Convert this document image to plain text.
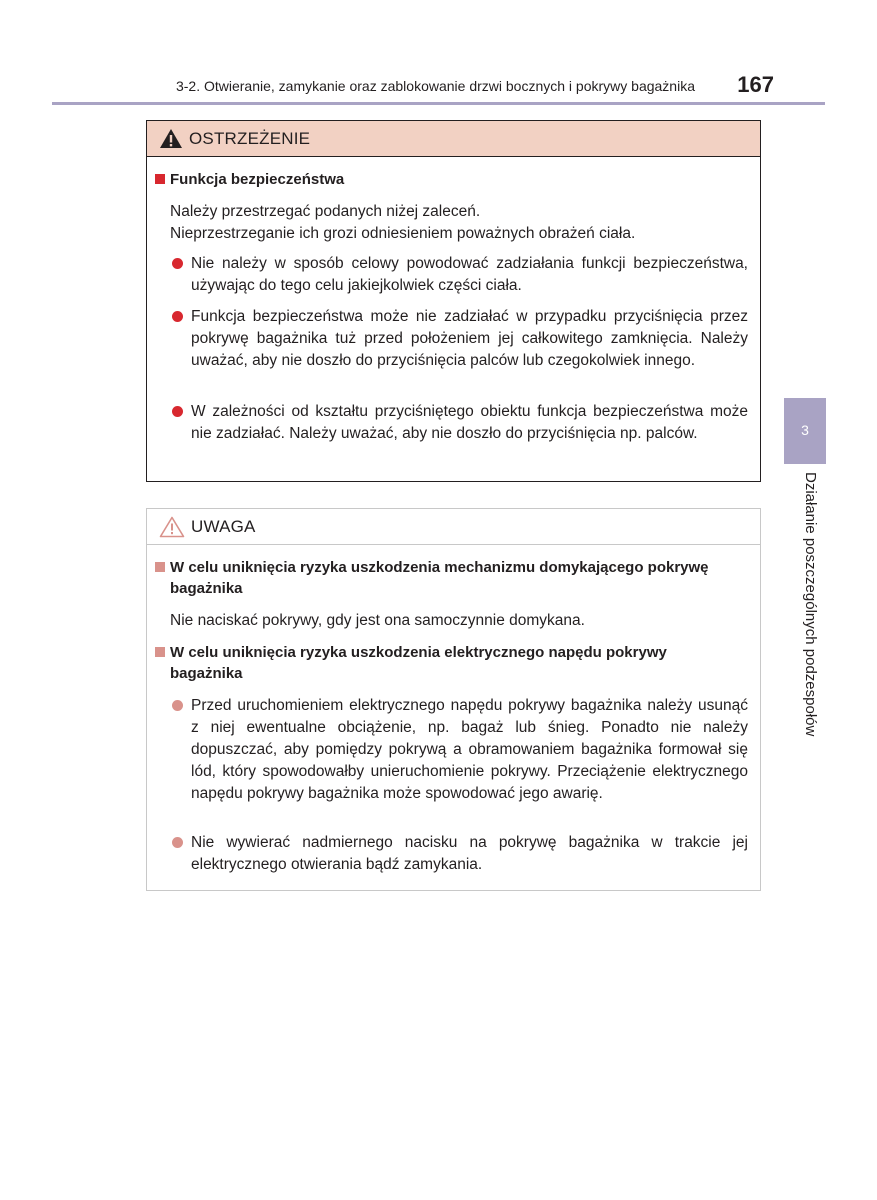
3-2. Otwieranie, zamykanie oraz zablokowanie drzwi bocznych i pokrywy bagażnika	167
3
Działanie poszczególnych podzespołów
OSTRZEŻENIE
Funkcja bezpieczeństwa
Należy przestrzegać podanych niżej zaleceń.
Nieprzestrzeganie ich grozi odniesieniem poważnych obrażeń ciała.
Nie należy w sposób celowy powodować zadziałania funkcji bezpieczeństwa, używając do tego celu jakiejkolwiek części ciała.
Funkcja bezpieczeństwa może nie zadziałać w przypadku przyciśnięcia przez pokrywę bagażnika tuż przed położeniem jej całkowitego zamknięcia. Należy uważać, aby nie doszło do przyciśnięcia palców lub czegokolwiek innego.
W zależności od kształtu przyciśniętego obiektu funkcja bezpieczeństwa może nie zadziałać. Należy uważać, aby nie doszło do przyciśnięcia np. palców.
UWAGA
W celu uniknięcia ryzyka uszkodzenia mechanizmu domykającego pokrywę bagażnika
Nie naciskać pokrywy, gdy jest ona samoczynnie domykana.
W celu uniknięcia ryzyka uszkodzenia elektrycznego napędu pokrywy bagażnika
Przed uruchomieniem elektrycznego napędu pokrywy bagażnika należy usunąć z niej ewentualne obciążenie, np. bagaż lub śnieg. Ponadto nie należy dopuszczać, aby pomiędzy pokrywą a obramowaniem bagażnika formował się lód, który spowodowałby unieruchomienie pokrywy. Przeciążenie elektrycznego napędu pokrywy bagażnika może spowodować jego awarię.
Nie wywierać nadmiernego nacisku na pokrywę bagażnika w trakcie jej elektrycznego otwierania bądź zamykania.
